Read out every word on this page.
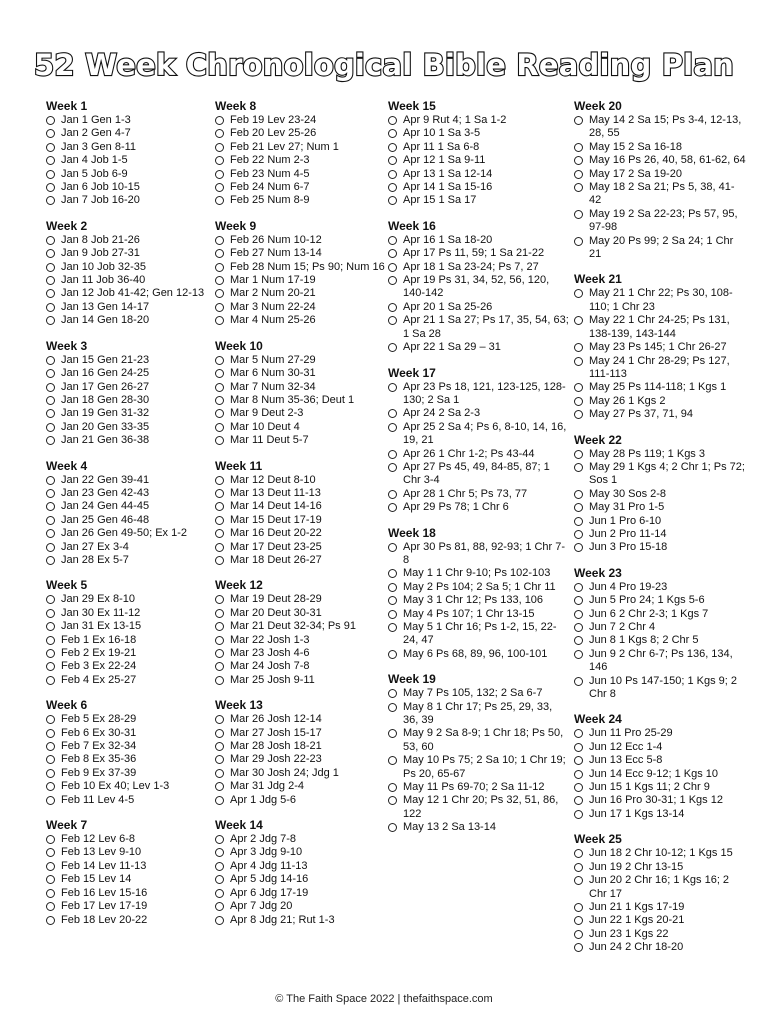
52 Week Chronological Bible Reading Plan
Week 1
Jan 1 Gen 1-3
Jan 2 Gen 4-7
Jan 3 Gen 8-11
Jan 4 Job 1-5
Jan 5 Job 6-9
Jan 6 Job 10-15
Jan 7 Job 16-20
Week 2
Jan 8 Job 21-26
Jan 9 Job 27-31
Jan 10 Job 32-35
Jan 11 Job 36-40
Jan 12 Job 41-42; Gen 12-13
Jan 13 Gen 14-17
Jan 14 Gen 18-20
Week 3
Jan 15 Gen 21-23
Jan 16 Gen 24-25
Jan 17 Gen 26-27
Jan 18 Gen 28-30
Jan 19 Gen 31-32
Jan 20 Gen 33-35
Jan 21 Gen 36-38
Week 4
Jan 22 Gen 39-41
Jan 23 Gen 42-43
Jan 24 Gen 44-45
Jan 25 Gen 46-48
Jan 26 Gen 49-50; Ex 1-2
Jan 27 Ex 3-4
Jan 28 Ex 5-7
Week 5
Jan 29 Ex 8-10
Jan 30 Ex 11-12
Jan 31 Ex 13-15
Feb 1 Ex 16-18
Feb 2 Ex 19-21
Feb 3 Ex 22-24
Feb 4 Ex 25-27
Week 6
Feb 5 Ex 28-29
Feb 6 Ex 30-31
Feb 7 Ex 32-34
Feb 8 Ex 35-36
Feb 9 Ex 37-39
Feb 10 Ex 40; Lev 1-3
Feb 11 Lev 4-5
Week 7
Feb 12 Lev 6-8
Feb 13 Lev 9-10
Feb 14 Lev 11-13
Feb 15 Lev 14
Feb 16 Lev 15-16
Feb 17 Lev 17-19
Feb 18 Lev 20-22
Week 8
Feb 19 Lev 23-24
Feb 20 Lev 25-26
Feb 21 Lev 27; Num 1
Feb 22 Num 2-3
Feb 23 Num 4-5
Feb 24 Num 6-7
Feb 25 Num 8-9
Week 9
Feb 26 Num 10-12
Feb 27 Num 13-14
Feb 28 Num 15; Ps 90; Num 16
Mar 1 Num 17-19
Mar 2 Num 20-21
Mar 3 Num 22-24
Mar 4 Num 25-26
Week 10
Mar 5 Num 27-29
Mar 6 Num 30-31
Mar 7 Num 32-34
Mar 8 Num 35-36; Deut 1
Mar 9 Deut 2-3
Mar 10 Deut 4
Mar 11 Deut 5-7
Week 11
Mar 12 Deut 8-10
Mar 13 Deut 11-13
Mar 14 Deut 14-16
Mar 15 Deut 17-19
Mar 16 Deut 20-22
Mar 17 Deut 23-25
Mar 18 Deut 26-27
Week 12
Mar 19 Deut 28-29
Mar 20 Deut 30-31
Mar 21 Deut 32-34; Ps 91
Mar 22 Josh 1-3
Mar 23 Josh 4-6
Mar 24 Josh 7-8
Mar 25 Josh 9-11
Week 13
Mar 26 Josh 12-14
Mar 27 Josh 15-17
Mar 28 Josh 18-21
Mar 29 Josh 22-23
Mar 30 Josh 24; Jdg 1
Mar 31 Jdg 2-4
Apr 1 Jdg 5-6
Week 14
Apr 2 Jdg 7-8
Apr 3 Jdg 9-10
Apr 4 Jdg 11-13
Apr 5 Jdg 14-16
Apr 6 Jdg 17-19
Apr 7 Jdg 20
Apr 8 Jdg 21; Rut 1-3
Week 15
Apr 9 Rut 4; 1 Sa 1-2
Apr 10 1 Sa 3-5
Apr 11 1 Sa 6-8
Apr 12 1 Sa 9-11
Apr 13 1 Sa 12-14
Apr 14 1 Sa 15-16
Apr 15 1 Sa 17
Week 16
Apr 16 1 Sa 18-20
Apr 17 Ps 11, 59; 1 Sa 21-22
Apr 18 1 Sa 23-24; Ps 7, 27
Apr 19 Ps 31, 34, 52, 56, 120, 140-142
Apr 20 1 Sa 25-26
Apr 21 1 Sa 27; Ps 17, 35, 54, 63; 1 Sa 28
Apr 22 1 Sa 29 – 31
Week 17
Apr 23 Ps 18, 121, 123-125, 128-130; 2 Sa 1
Apr 24 2 Sa 2-3
Apr 25 2 Sa 4; Ps 6, 8-10, 14, 16, 19, 21
Apr 26 1 Chr 1-2; Ps 43-44
Apr 27 Ps 45, 49, 84-85, 87; 1 Chr 3-4
Apr 28 1 Chr 5; Ps 73, 77
Apr 29 Ps 78; 1 Chr 6
Week 18
Apr 30 Ps 81, 88, 92-93; 1 Chr 7-8
May 1 1 Chr 9-10; Ps 102-103
May 2 Ps 104; 2 Sa 5; 1 Chr 11
May 3 1 Chr 12; Ps 133, 106
May 4 Ps 107; 1 Chr 13-15
May 5 1 Chr 16; Ps 1-2, 15, 22-24, 47
May 6 Ps 68, 89, 96, 100-101
Week 19
May 7 Ps 105, 132; 2 Sa 6-7
May 8 1 Chr 17; Ps 25, 29, 33, 36, 39
May 9 2 Sa 8-9; 1 Chr 18; Ps 50, 53, 60
May 10 Ps 75; 2 Sa 10; 1 Chr 19; Ps 20, 65-67
May 11 Ps 69-70; 2 Sa 11-12
May 12 1 Chr 20; Ps 32, 51, 86, 122
May 13 2 Sa 13-14
Week 20
May 14 2 Sa 15; Ps 3-4, 12-13, 28, 55
May 15 2 Sa 16-18
May 16 Ps 26, 40, 58, 61-62, 64
May 17 2 Sa 19-20
May 18 2 Sa 21; Ps 5, 38, 41-42
May 19 2 Sa 22-23; Ps 57, 95, 97-98
May 20 Ps 99; 2 Sa 24; 1 Chr 21
Week 21
May 21 1 Chr 22; Ps 30, 108-110; 1 Chr 23
May 22 1 Chr 24-25; Ps 131, 138-139, 143-144
May 23 Ps 145; 1 Chr 26-27
May 24 1 Chr 28-29; Ps 127, 111-113
May 25 Ps 114-118; 1 Kgs 1
May 26 1 Kgs 2
May 27 Ps 37, 71, 94
Week 22
May 28 Ps 119; 1 Kgs 3
May 29 1 Kgs 4; 2 Chr 1; Ps 72; Sos 1
May 30 Sos 2-8
May 31 Pro 1-5
Jun 1 Pro 6-10
Jun 2 Pro 11-14
Jun 3 Pro 15-18
Week 23
Jun 4 Pro 19-23
Jun 5 Pro 24; 1 Kgs 5-6
Jun 6 2 Chr 2-3; 1 Kgs 7
Jun 7 2 Chr 4
Jun 8 1 Kgs 8; 2 Chr 5
Jun 9 2 Chr 6-7; Ps 136, 134, 146
Jun 10 Ps 147-150; 1 Kgs 9; 2 Chr 8
Week 24
Jun 11 Pro 25-29
Jun 12 Ecc 1-4
Jun 13 Ecc 5-8
Jun 14 Ecc 9-12; 1 Kgs 10
Jun 15 1 Kgs 11; 2 Chr 9
Jun 16 Pro 30-31; 1 Kgs 12
Jun 17 1 Kgs 13-14
Week 25
Jun 18 2 Chr 10-12; 1 Kgs 15
Jun 19 2 Chr 13-15
Jun 20 2 Chr 16; 1 Kgs 16; 2 Chr 17
Jun 21 1 Kgs 17-19
Jun 22 1 Kgs 20-21
Jun 23 1 Kgs 22
Jun 24 2 Chr 18-20
© The Faith Space 2022 | thefaithspace.com
